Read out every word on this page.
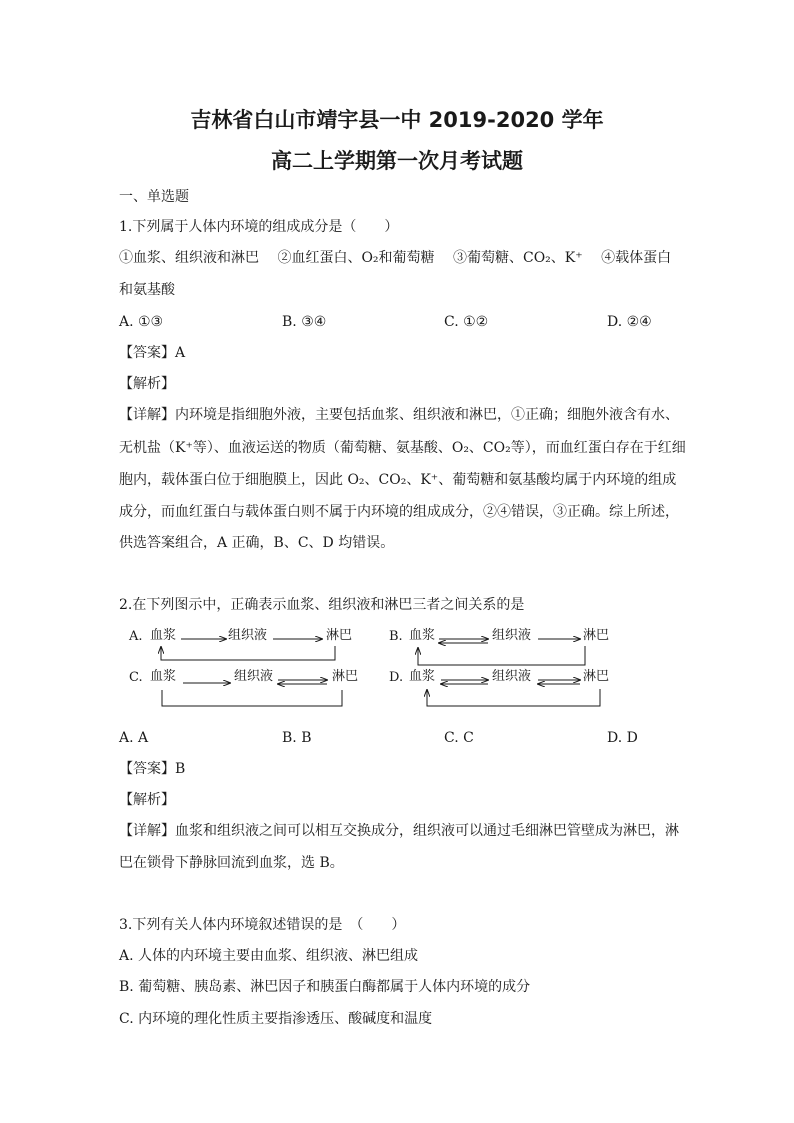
吉林省白山市靖宇县一中 2019-2020 学年
高二上学期第一次月考试题
一、单选题
1.下列属于人体内环境的组成成分是（　　）
①血浆、组织液和淋巴　 ②血红蛋白、O₂和葡萄糖　 ③葡萄糖、CO₂、K⁺　 ④载体蛋白
和氨基酸
A. ①③	B. ③④	C. ①②	D. ②④
【答案】A
【解析】
【详解】内环境是指细胞外液，主要包括血浆、组织液和淋巴，①正确；细胞外液含有水、
无机盐（K⁺等）、血液运送的物质（葡萄糖、氨基酸、O₂、CO₂等），而血红蛋白存在于红细
胞内，载体蛋白位于细胞膜上，因此 O₂、CO₂、K⁺、葡萄糖和氨基酸均属于内环境的组成
成分，而血红蛋白与载体蛋白则不属于内环境的组成成分，②④错误，③正确。综上所述，
供选答案组合，A 正确，B、C、D 均错误。
2.在下列图示中，正确表示血浆、组织液和淋巴三者之间关系的是
A. 血浆	组织液	淋巴	B. 血浆	组织液	淋巴
C. 血浆	组织液	淋巴 D. 血浆	组织液	淋巴
A. A	B. B	C. C	D. D
【答案】B
【解析】
【详解】血浆和组织液之间可以相互交换成分，组织液可以通过毛细淋巴管壁成为淋巴，淋
巴在锁骨下静脉回流到血浆，选 B。
3.下列有关人体内环境叙述错误的是　（　　）
A. 人体的内环境主要由血浆、组织液、淋巴组成
B. 葡萄糖、胰岛素、淋巴因子和胰蛋白酶都属于人体内环境的成分
C. 内环境的理化性质主要指渗透压、酸碱度和温度
